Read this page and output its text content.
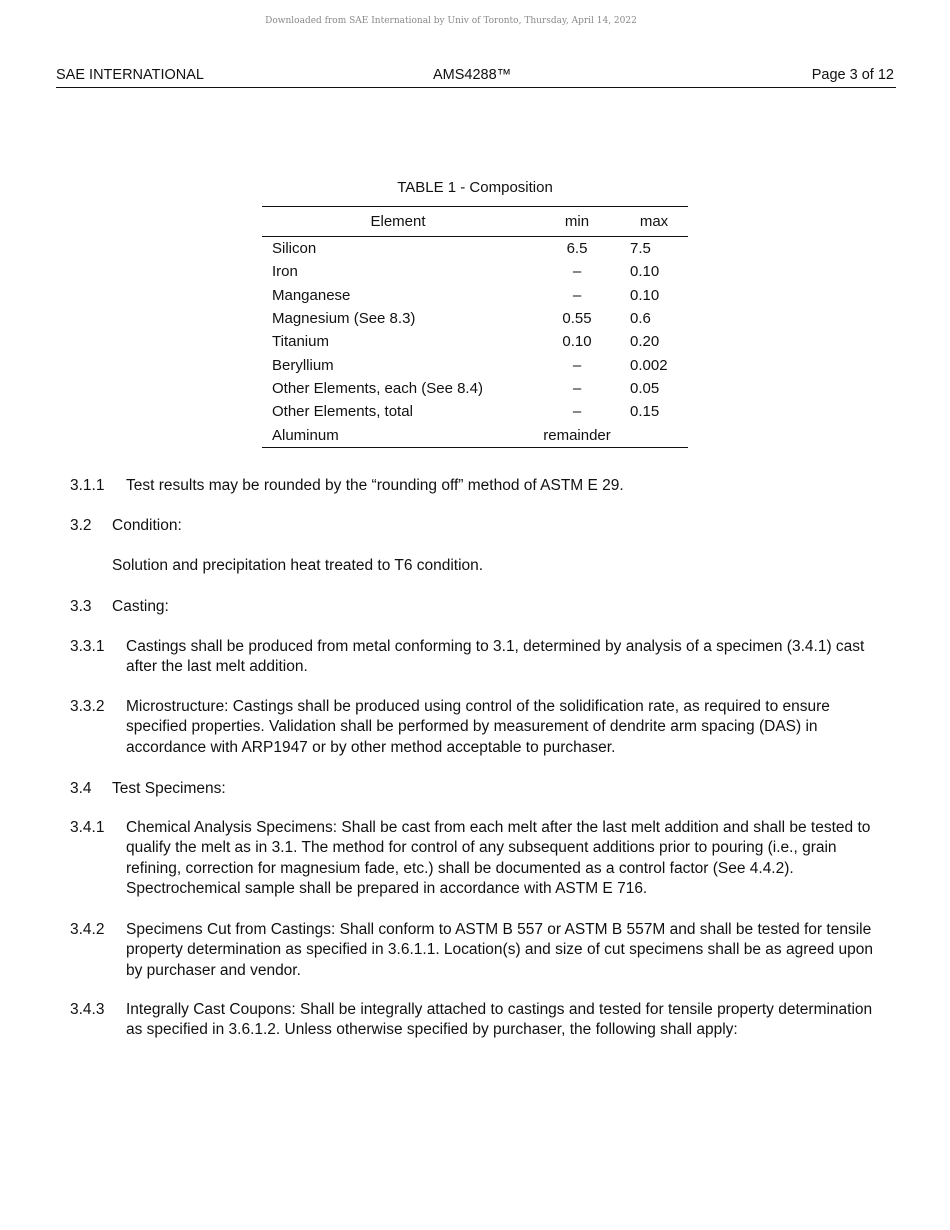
Downloaded from SAE International by Univ of Toronto, Thursday, April 14, 2022
SAE INTERNATIONAL	AMS4288™	Page 3 of 12
TABLE 1 - Composition
Element	min	max
Silicon	6.5	7.5
Iron	–	0.10
Manganese	–	0.10
Magnesium (See 8.3)	0.55	0.6
Titanium	0.10	0.20
Beryllium	–	0.002
Other Elements, each (See 8.4)	–	0.05
Other Elements, total	–	0.15
Aluminum	remainder	
3.1.1 Test results may be rounded by the “rounding off” method of ASTM E 29.
3.2 Condition:
Solution and precipitation heat treated to T6 condition.
3.3 Casting:
3.3.1 Castings shall be produced from metal conforming to 3.1, determined by analysis of a specimen (3.4.1) cast after the last melt addition.
3.3.2 Microstructure: Castings shall be produced using control of the solidification rate, as required to ensure specified properties. Validation shall be performed by measurement of dendrite arm spacing (DAS) in accordance with ARP1947 or by other method acceptable to purchaser.
3.4 Test Specimens:
3.4.1 Chemical Analysis Specimens: Shall be cast from each melt after the last melt addition and shall be tested to qualify the melt as in 3.1. The method for control of any subsequent additions prior to pouring (i.e., grain refining, correction for magnesium fade, etc.) shall be documented as a control factor (See 4.4.2). Spectrochemical sample shall be prepared in accordance with ASTM E 716.
3.4.2 Specimens Cut from Castings: Shall conform to ASTM B 557 or ASTM B 557M and shall be tested for tensile property determination as specified in 3.6.1.1. Location(s) and size of cut specimens shall be as agreed upon by purchaser and vendor.
3.4.3 Integrally Cast Coupons: Shall be integrally attached to castings and tested for tensile property determination as specified in 3.6.1.2. Unless otherwise specified by purchaser, the following shall apply:
